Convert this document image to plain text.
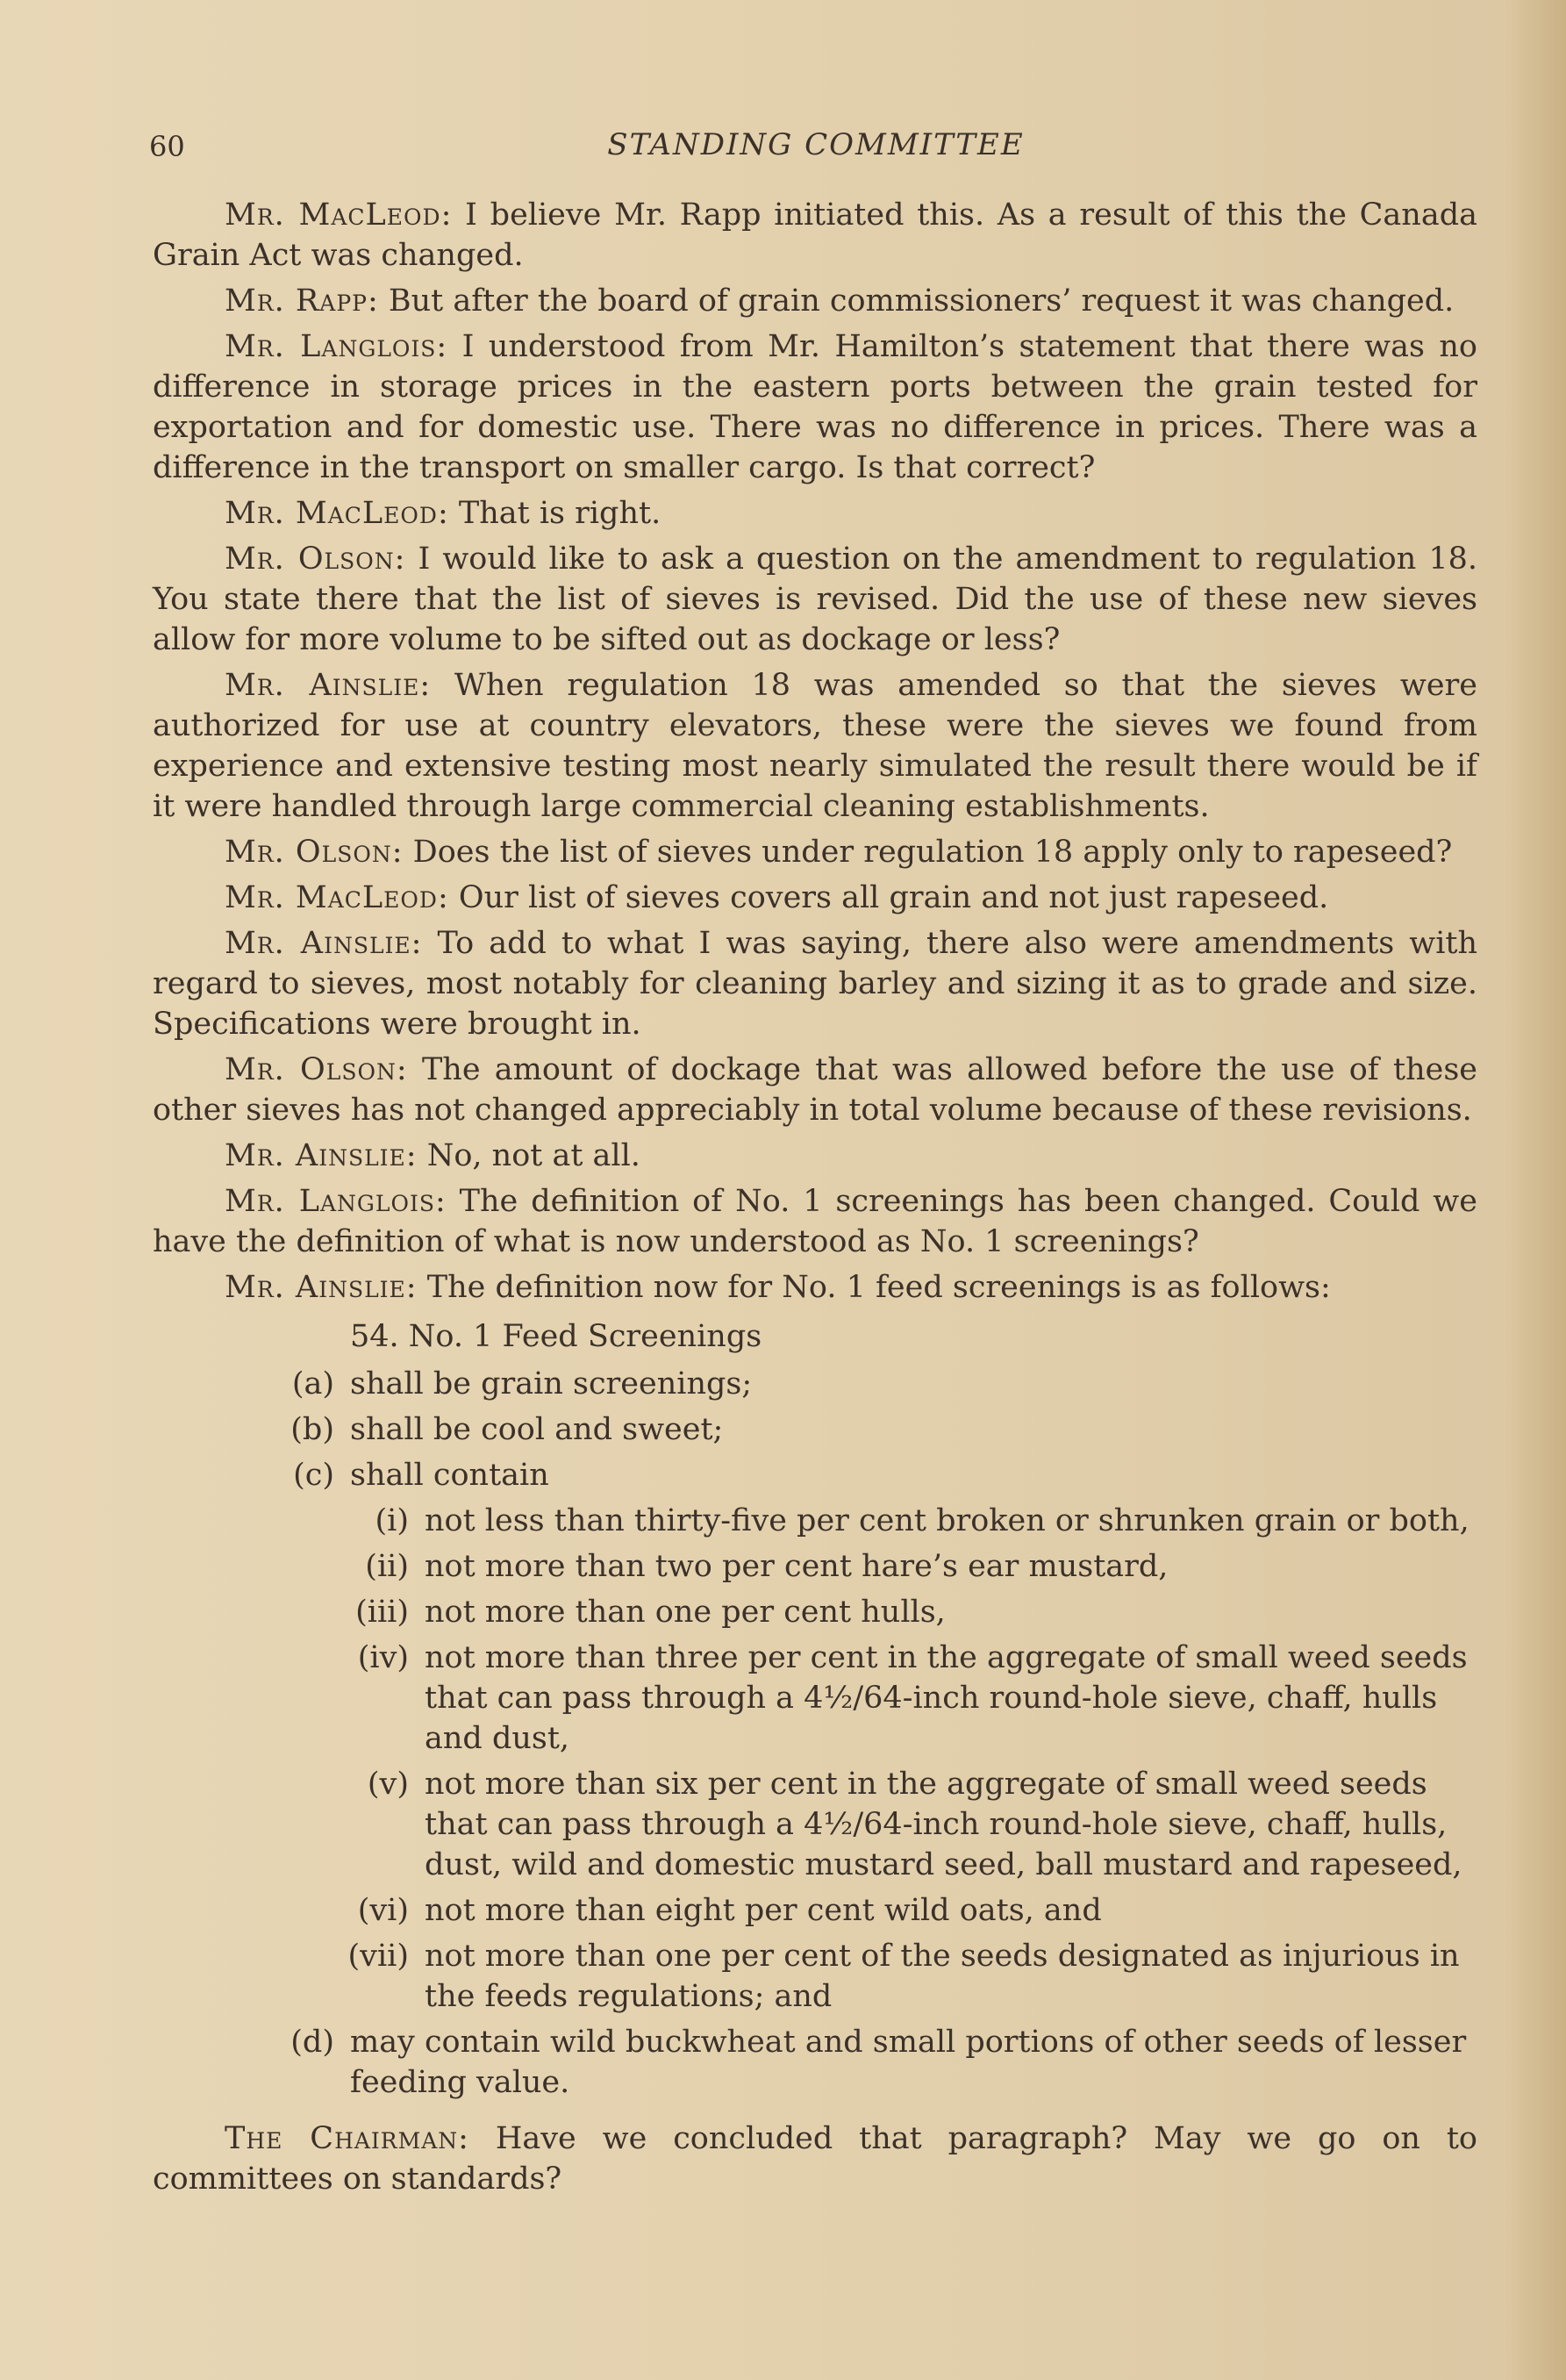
60	STANDING COMMITTEE

Mr. MacLeod: I believe Mr. Rapp initiated this. As a result of this the Canada Grain Act was changed.

Mr. Rapp: But after the board of grain commissioners’ request it was changed.

Mr. Langlois: I understood from Mr. Hamilton’s statement that there was no difference in storage prices in the eastern ports between the grain tested for exportation and for domestic use. There was no difference in prices. There was a difference in the transport on smaller cargo. Is that correct?

Mr. MacLeod: That is right.

Mr. Olson: I would like to ask a question on the amendment to regulation 18. You state there that the list of sieves is revised. Did the use of these new sieves allow for more volume to be sifted out as dockage or less?

Mr. Ainslie: When regulation 18 was amended so that the sieves were authorized for use at country elevators, these were the sieves we found from experience and extensive testing most nearly simulated the result there would be if it were handled through large commercial cleaning establishments.

Mr. Olson: Does the list of sieves under regulation 18 apply only to rapeseed?

Mr. MacLeod: Our list of sieves covers all grain and not just rapeseed.

Mr. Ainslie: To add to what I was saying, there also were amendments with regard to sieves, most notably for cleaning barley and sizing it as to grade and size. Specifications were brought in.

Mr. Olson: The amount of dockage that was allowed before the use of these other sieves has not changed appreciably in total volume because of these revisions.

Mr. Ainslie: No, not at all.

Mr. Langlois: The definition of No. 1 screenings has been changed. Could we have the definition of what is now understood as No. 1 screenings?

Mr. Ainslie: The definition now for No. 1 feed screenings is as follows:

54. No. 1 Feed Screenings
(a) shall be grain screenings;
(b) shall be cool and sweet;
(c) shall contain
(i) not less than thirty-five per cent broken or shrunken grain or both,
(ii) not more than two per cent hare’s ear mustard,
(iii) not more than one per cent hulls,
(iv) not more than three per cent in the aggregate of small weed seeds that can pass through a 4½/64-inch round-hole sieve, chaff, hulls and dust,
(v) not more than six per cent in the aggregate of small weed seeds that can pass through a 4½/64-inch round-hole sieve, chaff, hulls, dust, wild and domestic mustard seed, ball mustard and rapeseed,
(vi) not more than eight per cent wild oats, and
(vii) not more than one per cent of the seeds designated as injurious in the feeds regulations; and
(d) may contain wild buckwheat and small portions of other seeds of lesser feeding value.

The Chairman: Have we concluded that paragraph? May we go on to committees on standards?
